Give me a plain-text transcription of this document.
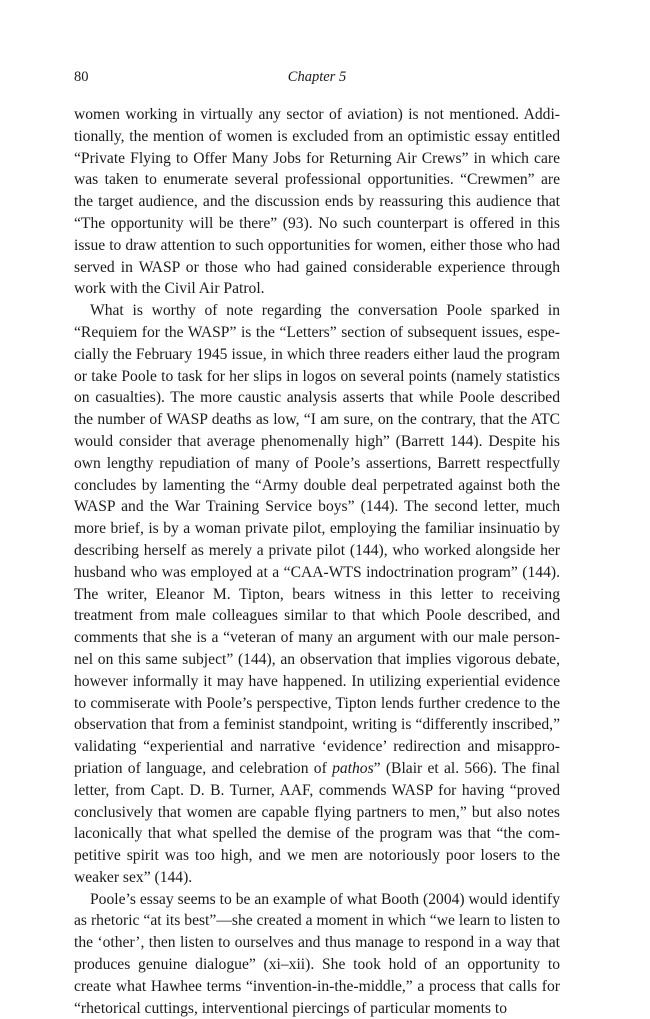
80	Chapter 5

women working in virtually any sector of aviation) is not mentioned. Additionally, the mention of women is excluded from an optimistic essay entitled “Private Flying to Offer Many Jobs for Returning Air Crews” in which care was taken to enumerate several professional opportunities. “Crewmen” are the target audience, and the discussion ends by reassuring this audience that “The opportunity will be there” (93). No such counterpart is offered in this issue to draw attention to such opportunities for women, either those who had served in WASP or those who had gained considerable experience through work with the Civil Air Patrol.

What is worthy of note regarding the conversation Poole sparked in “Requiem for the WASP” is the “Letters” section of subsequent issues, especially the February 1945 issue, in which three readers either laud the program or take Poole to task for her slips in logos on several points (namely statistics on casualties). The more caustic analysis asserts that while Poole described the number of WASP deaths as low, “I am sure, on the contrary, that the ATC would consider that average phenomenally high” (Barrett 144). Despite his own lengthy repudiation of many of Poole’s assertions, Barrett respectfully concludes by lamenting the “Army double deal perpetrated against both the WASP and the War Training Service boys” (144). The second letter, much more brief, is by a woman private pilot, employing the familiar insinuatio by describing herself as merely a private pilot (144), who worked alongside her husband who was employed at a “CAA-WTS indoctrination program” (144). The writer, Eleanor M. Tipton, bears witness in this letter to receiving treatment from male colleagues similar to that which Poole described, and comments that she is a “veteran of many an argument with our male personnel on this same subject” (144), an observation that implies vigorous debate, however informally it may have happened. In utilizing experiential evidence to commiserate with Poole’s perspective, Tipton lends further credence to the observation that from a feminist standpoint, writing is “differently inscribed,” validating “experiential and narrative ‘evidence’ redirection and misappropriation of language, and celebration of pathos” (Blair et al. 566). The final letter, from Capt. D. B. Turner, AAF, commends WASP for having “proved conclusively that women are capable flying partners to men,” but also notes laconically that what spelled the demise of the program was that “the competitive spirit was too high, and we men are notoriously poor losers to the weaker sex” (144).

Poole’s essay seems to be an example of what Booth (2004) would identify as rhetoric “at its best”—she created a moment in which “we learn to listen to the ‘other’, then listen to ourselves and thus manage to respond in a way that produces genuine dialogue” (xi–xii). She took hold of an opportunity to create what Hawhee terms “invention-in-the-middle,” a process that calls for “rhetorical cuttings, interventional piercings of particular moments to
